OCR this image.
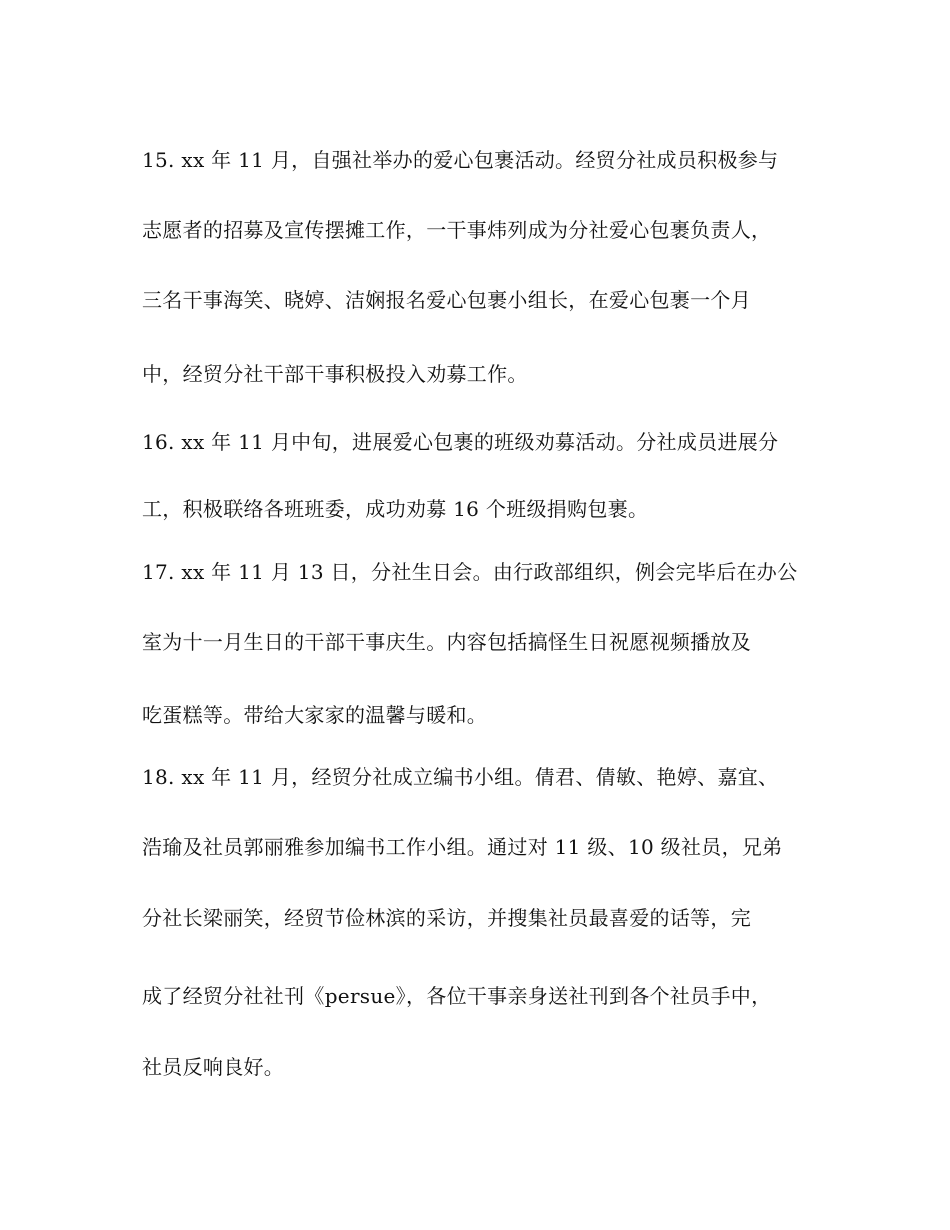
15. xx 年 11 月，自强社举办的爱心包裹活动。经贸分社成员积极参与
志愿者的招募及宣传摆摊工作，一干事炜列成为分社爱心包裹负责人，
三名干事海笑、晓婷、洁娴报名爱心包裹小组长，在爱心包裹一个月
中，经贸分社干部干事积极投入劝募工作。
16. xx 年 11 月中旬，进展爱心包裹的班级劝募活动。分社成员进展分
工，积极联络各班班委，成功劝募 16 个班级捐购包裹。
17. xx 年 11 月 13 日，分社生日会。由行政部组织，例会完毕后在办公
室为十一月生日的干部干事庆生。内容包括搞怪生日祝愿视频播放及
吃蛋糕等。带给大家家的温馨与暖和。
18. xx 年 11 月，经贸分社成立编书小组。倩君、倩敏、艳婷、嘉宜、
浩瑜及社员郭丽雅参加编书工作小组。通过对 11 级、10 级社员，兄弟
分社长梁丽笑，经贸节俭林滨的采访，并搜集社员最喜爱的话等，完
成了经贸分社社刊《persue》，各位干事亲身送社刊到各个社员手中，
社员反响良好。
